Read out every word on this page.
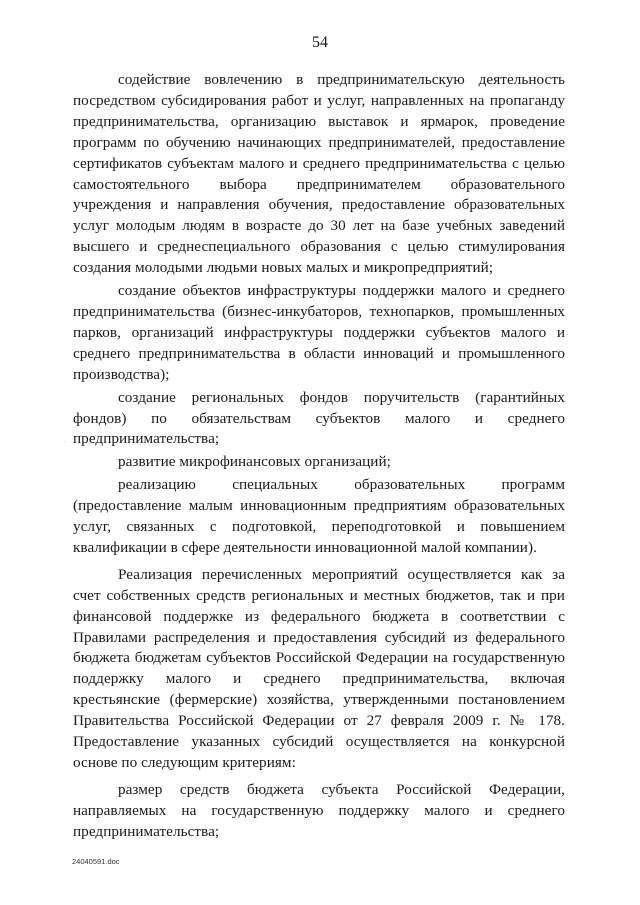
54
.

содействие вовлечению в предпринимательскую деятельность посредством субсидирования работ и услуг, направленных на пропаганду предпринимательства, организацию выставок и ярмарок, проведение программ по обучению начинающих предпринимателей, предоставление сертификатов субъектам малого и среднего предпринимательства с целью самостоятельного выбора предпринимателем образовательного учреждения и направления обучения, предоставление образовательных услуг молодым людям в возрасте до 30 лет на базе учебных заведений высшего и среднеспециального образования с целью стимулирования создания молодыми людьми новых малых и микропредприятий;

создание объектов инфраструктуры поддержки малого и среднего предпринимательства (бизнес-инкубаторов, технопарков, промышленных парков, организаций инфраструктуры поддержки субъектов малого и среднего предпринимательства в области инноваций и промышленного производства);

создание региональных фондов поручительств (гарантийных фондов) по обязательствам субъектов малого и среднего предпринимательства;

развитие микрофинансовых организаций;

реализацию специальных образовательных программ (предоставление малым инновационным предприятиям образовательных услуг, связанных с подготовкой, переподготовкой и повышением квалификации в сфере деятельности инновационной малой компании).

Реализация перечисленных мероприятий осуществляется как за счет собственных средств региональных и местных бюджетов, так и при финансовой поддержке из федерального бюджета в соответствии с Правилами распределения и предоставления субсидий из федерального бюджета бюджетам субъектов Российской Федерации на государственную поддержку малого и среднего предпринимательства, включая крестьянские (фермерские) хозяйства, утвержденными постановлением Правительства Российской Федерации от 27 февраля 2009 г. № 178. Предоставление указанных субсидий осуществляется на конкурсной основе по следующим критериям:

размер средств бюджета субъекта Российской Федерации, направляемых на государственную поддержку малого и среднего предпринимательства;

24040591.doc
